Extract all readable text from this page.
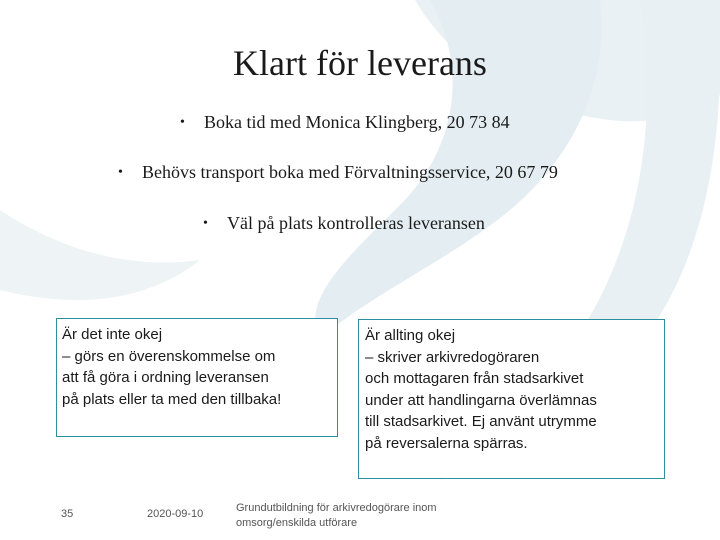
Klart för leverans
• Boka tid med Monica Klingberg, 20 73 84
• Behövs transport boka med Förvaltningsservice, 20 67 79
• Väl på plats kontrolleras leveransen
Är det inte okej
– görs en överenskommelse om
att få göra i ordning leveransen
på plats eller ta med den tillbaka!
Är allting okej
– skriver arkivredogöraren
och mottagaren från stadsarkivet
under att handlingarna överlämnas
till stadsarkivet. Ej använt utrymme
på reversalerna spärras.
35	2020-09-10	Grundutbildning för arkivredogörare inom
omsorg/enskilda utförare
